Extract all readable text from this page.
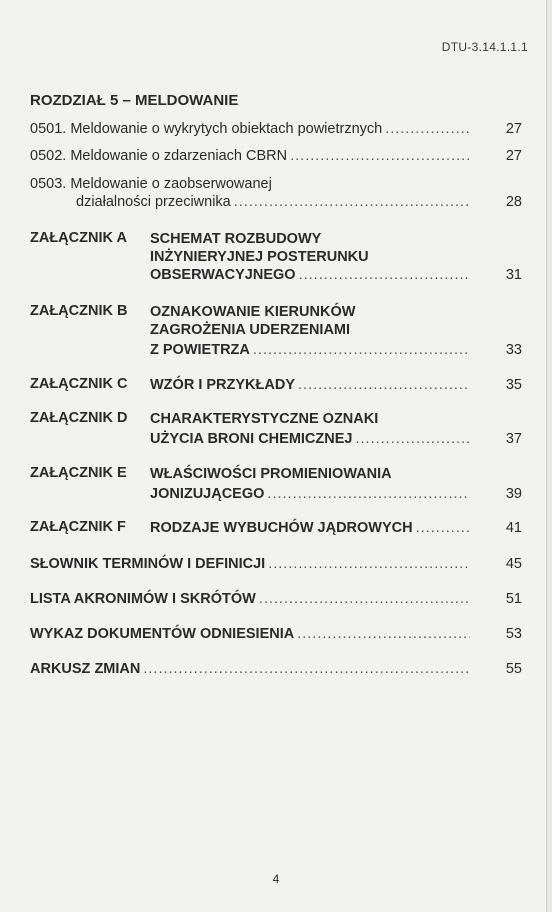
DTU-3.14.1.1.1
ROZDZIAŁ 5 – MELDOWANIE
0501. Meldowanie o wykrytych obiektach powietrznych .....	27
0502. Meldowanie o zdarzeniach CBRN .....	27
0503. Meldowanie o zaobserwowanej
działalności przeciwnika .....	28
ZAŁĄCZNIK A SCHEMAT ROZBUDOWY
INŻYNIERYJNEJ POSTERUNKU
OBSERWACYJNEGO .....	31
ZAŁĄCZNIK B OZNAKOWANIE KIERUNKÓW
ZAGROŻENIA UDERZENIAMI
Z POWIETRZA .....	33
ZAŁĄCZNIK C WZÓR I PRZYKŁADY .....	35
ZAŁĄCZNIK D CHARAKTERYSTYCZNE OZNAKI
UŻYCIA BRONI CHEMICZNEJ .....	37
ZAŁĄCZNIK E WŁAŚCIWOŚCI PROMIENIOWANIA
JONIZUJĄCEGO .....	39
ZAŁĄCZNIK F RODZAJE WYBUCHÓW JĄDROWYCH .....	41
SŁOWNIK TERMINÓW I DEFINICJI .....	45
LISTA AKRONIMÓW I SKRÓTÓW .....	51
WYKAZ DOKUMENTÓW ODNIESIENIA .....	53
ARKUSZ ZMIAN .....	55
4
